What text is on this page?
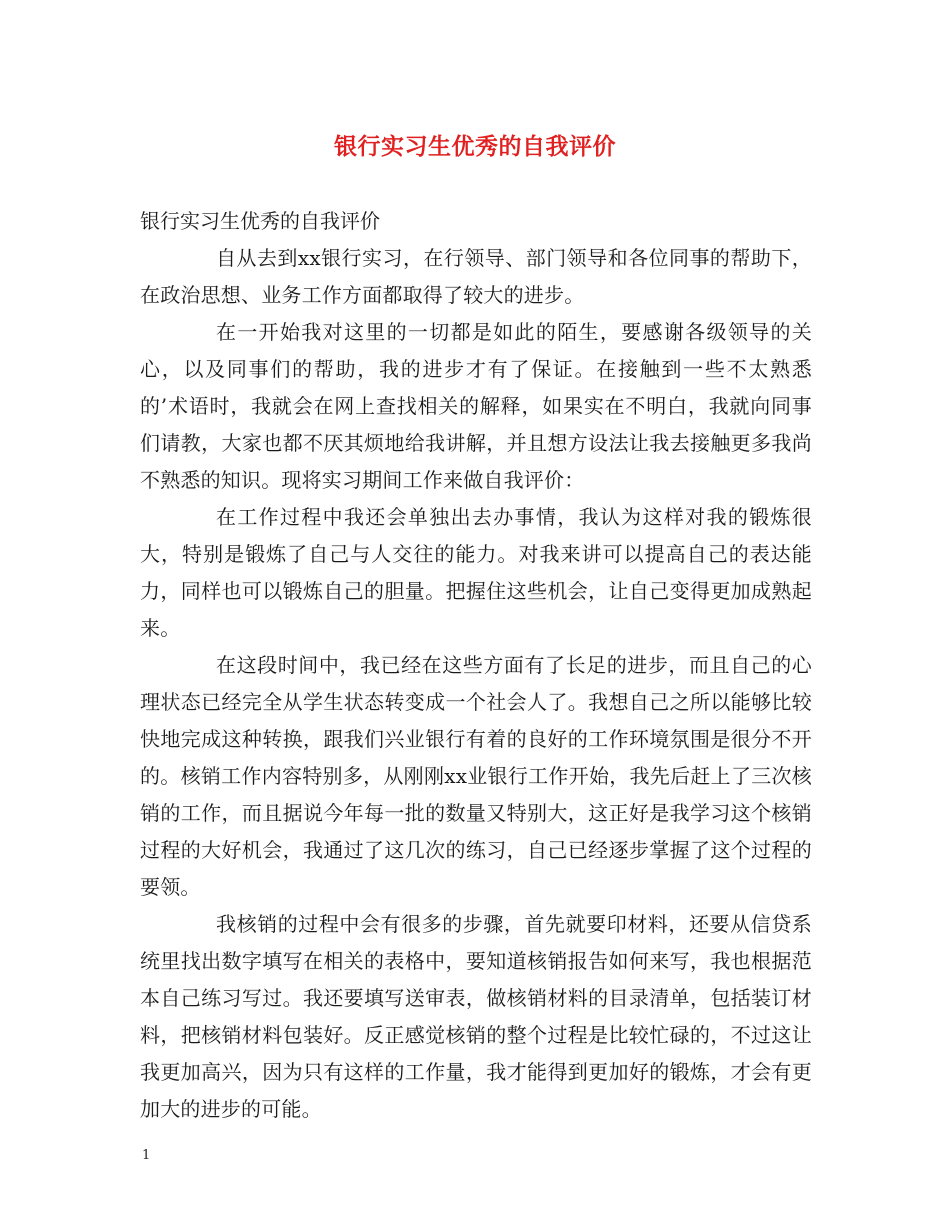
银行实习生优秀的自我评价

银行实习生优秀的自我评价

自从去到xx银行实习，在行领导、部门领导和各位同事的帮助下，在政治思想、业务工作方面都取得了较大的进步。

在一开始我对这里的一切都是如此的陌生，要感谢各级领导的关心，以及同事们的帮助，我的进步才有了保证。在接触到一些不太熟悉的’术语时，我就会在网上查找相关的解释，如果实在不明白，我就向同事们请教，大家也都不厌其烦地给我讲解，并且想方设法让我去接触更多我尚不熟悉的知识。现将实习期间工作来做自我评价：

在工作过程中我还会单独出去办事情，我认为这样对我的锻炼很大，特别是锻炼了自己与人交往的能力。对我来讲可以提高自己的表达能力，同样也可以锻炼自己的胆量。把握住这些机会，让自己变得更加成熟起来。

在这段时间中，我已经在这些方面有了长足的进步，而且自己的心理状态已经完全从学生状态转变成一个社会人了。我想自己之所以能够比较快地完成这种转换，跟我们兴业银行有着的良好的工作环境氛围是很分不开的。核销工作内容特别多，从刚刚xx业银行工作开始，我先后赶上了三次核销的工作，而且据说今年每一批的数量又特别大，这正好是我学习这个核销过程的大好机会，我通过了这几次的练习，自己已经逐步掌握了这个过程的要领。

我核销的过程中会有很多的步骤，首先就要印材料，还要从信贷系统里找出数字填写在相关的表格中，要知道核销报告如何来写，我也根据范本自己练习写过。我还要填写送审表，做核销材料的目录清单，包括装订材料，把核销材料包装好。反正感觉核销的整个过程是比较忙碌的，不过这让我更加高兴，因为只有这样的工作量，我才能得到更加好的锻炼，才会有更加大的进步的可能。

1
